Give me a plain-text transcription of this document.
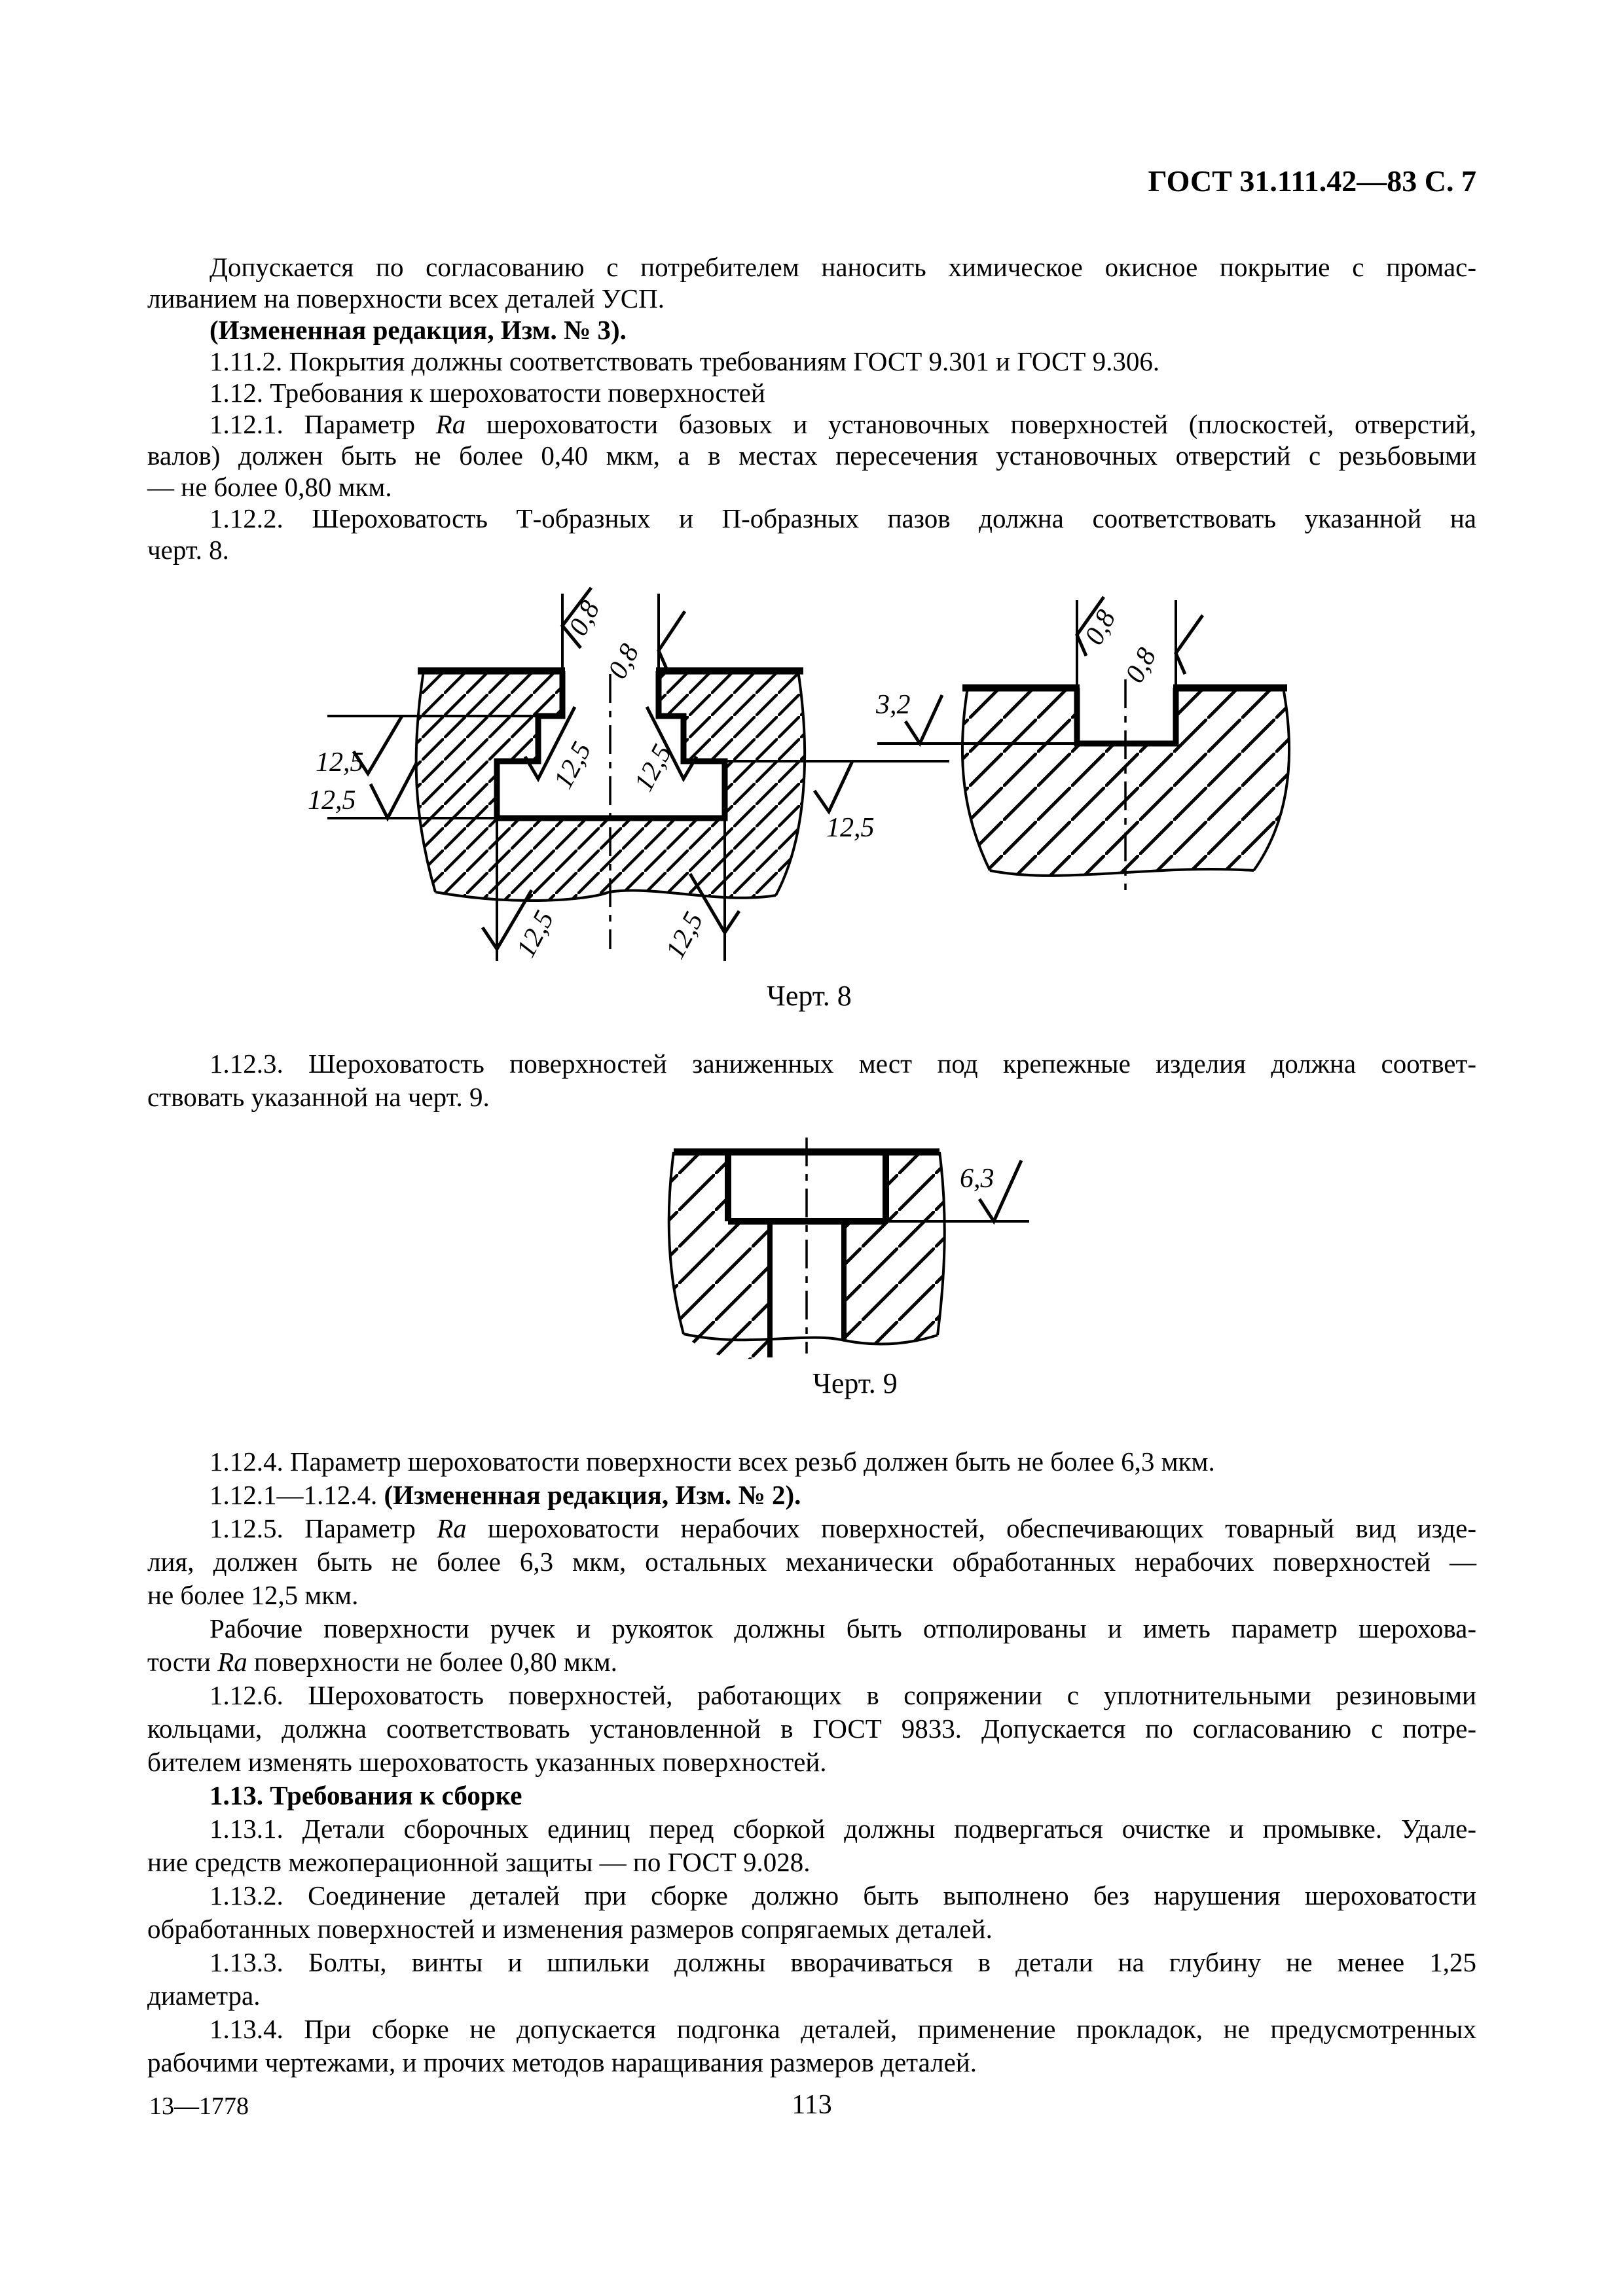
ГОСТ 31.111.42—83 С. 7
Допускается по согласованию с потребителем наносить химическое окисное покрытие с промас-
ливанием на поверхности всех деталей УСП.
(Измененная редакция, Изм. № 3).
1.11.2. Покрытия должны соответствовать требованиям ГОСТ 9.301 и ГОСТ 9.306.
1.12. Требования к шероховатости поверхностей
1.12.1. Параметр Ra шероховатости базовых и установочных поверхностей (плоскостей, отверстий,
валов) должен быть не более 0,40 мкм, а в местах пересечения установочных отверстий с резьбовыми
— не более 0,80 мкм.
1.12.2. Шероховатость Т-образных и П-образных пазов должна соответствовать указанной на
черт. 8.
0,8
0,8
12,5
12,5
12,5 12,5
12,5
12,5	12,5
3,2
0,8
0,8
Черт. 8
1.12.3. Шероховатость поверхностей заниженных мест под крепежные изделия должна соответ-
ствовать указанной на черт. 9.
6,3
Черт. 9
1.12.4. Параметр шероховатости поверхности всех резьб должен быть не более 6,3 мкм.
1.12.1—1.12.4. (Измененная редакция, Изм. № 2).
1.12.5. Параметр Ra шероховатости нерабочих поверхностей, обеспечивающих товарный вид изде-
лия, должен быть не более 6,3 мкм, остальных механически обработанных нерабочих поверхностей —
не более 12,5 мкм.
Рабочие поверхности ручек и рукояток должны быть отполированы и иметь параметр шерохова-
тости Ra поверхности не более 0,80 мкм.
1.12.6. Шероховатость поверхностей, работающих в сопряжении с уплотнительными резиновыми
кольцами, должна соответствовать установленной в ГОСТ 9833. Допускается по согласованию с потре-
бителем изменять шероховатость указанных поверхностей.
1.13. Требования к сборке
1.13.1. Детали сборочных единиц перед сборкой должны подвергаться очистке и промывке. Удале-
ние средств межоперационной защиты — по ГОСТ 9.028.
1.13.2. Соединение деталей при сборке должно быть выполнено без нарушения шероховатости
обработанных поверхностей и изменения размеров сопрягаемых деталей.
1.13.3. Болты, винты и шпильки должны вворачиваться в детали на глубину не менее 1,25
диаметра.
1.13.4. При сборке не допускается подгонка деталей, применение прокладок, не предусмотренных
рабочими чертежами, и прочих методов наращивания размеров деталей.
13—1778	113
